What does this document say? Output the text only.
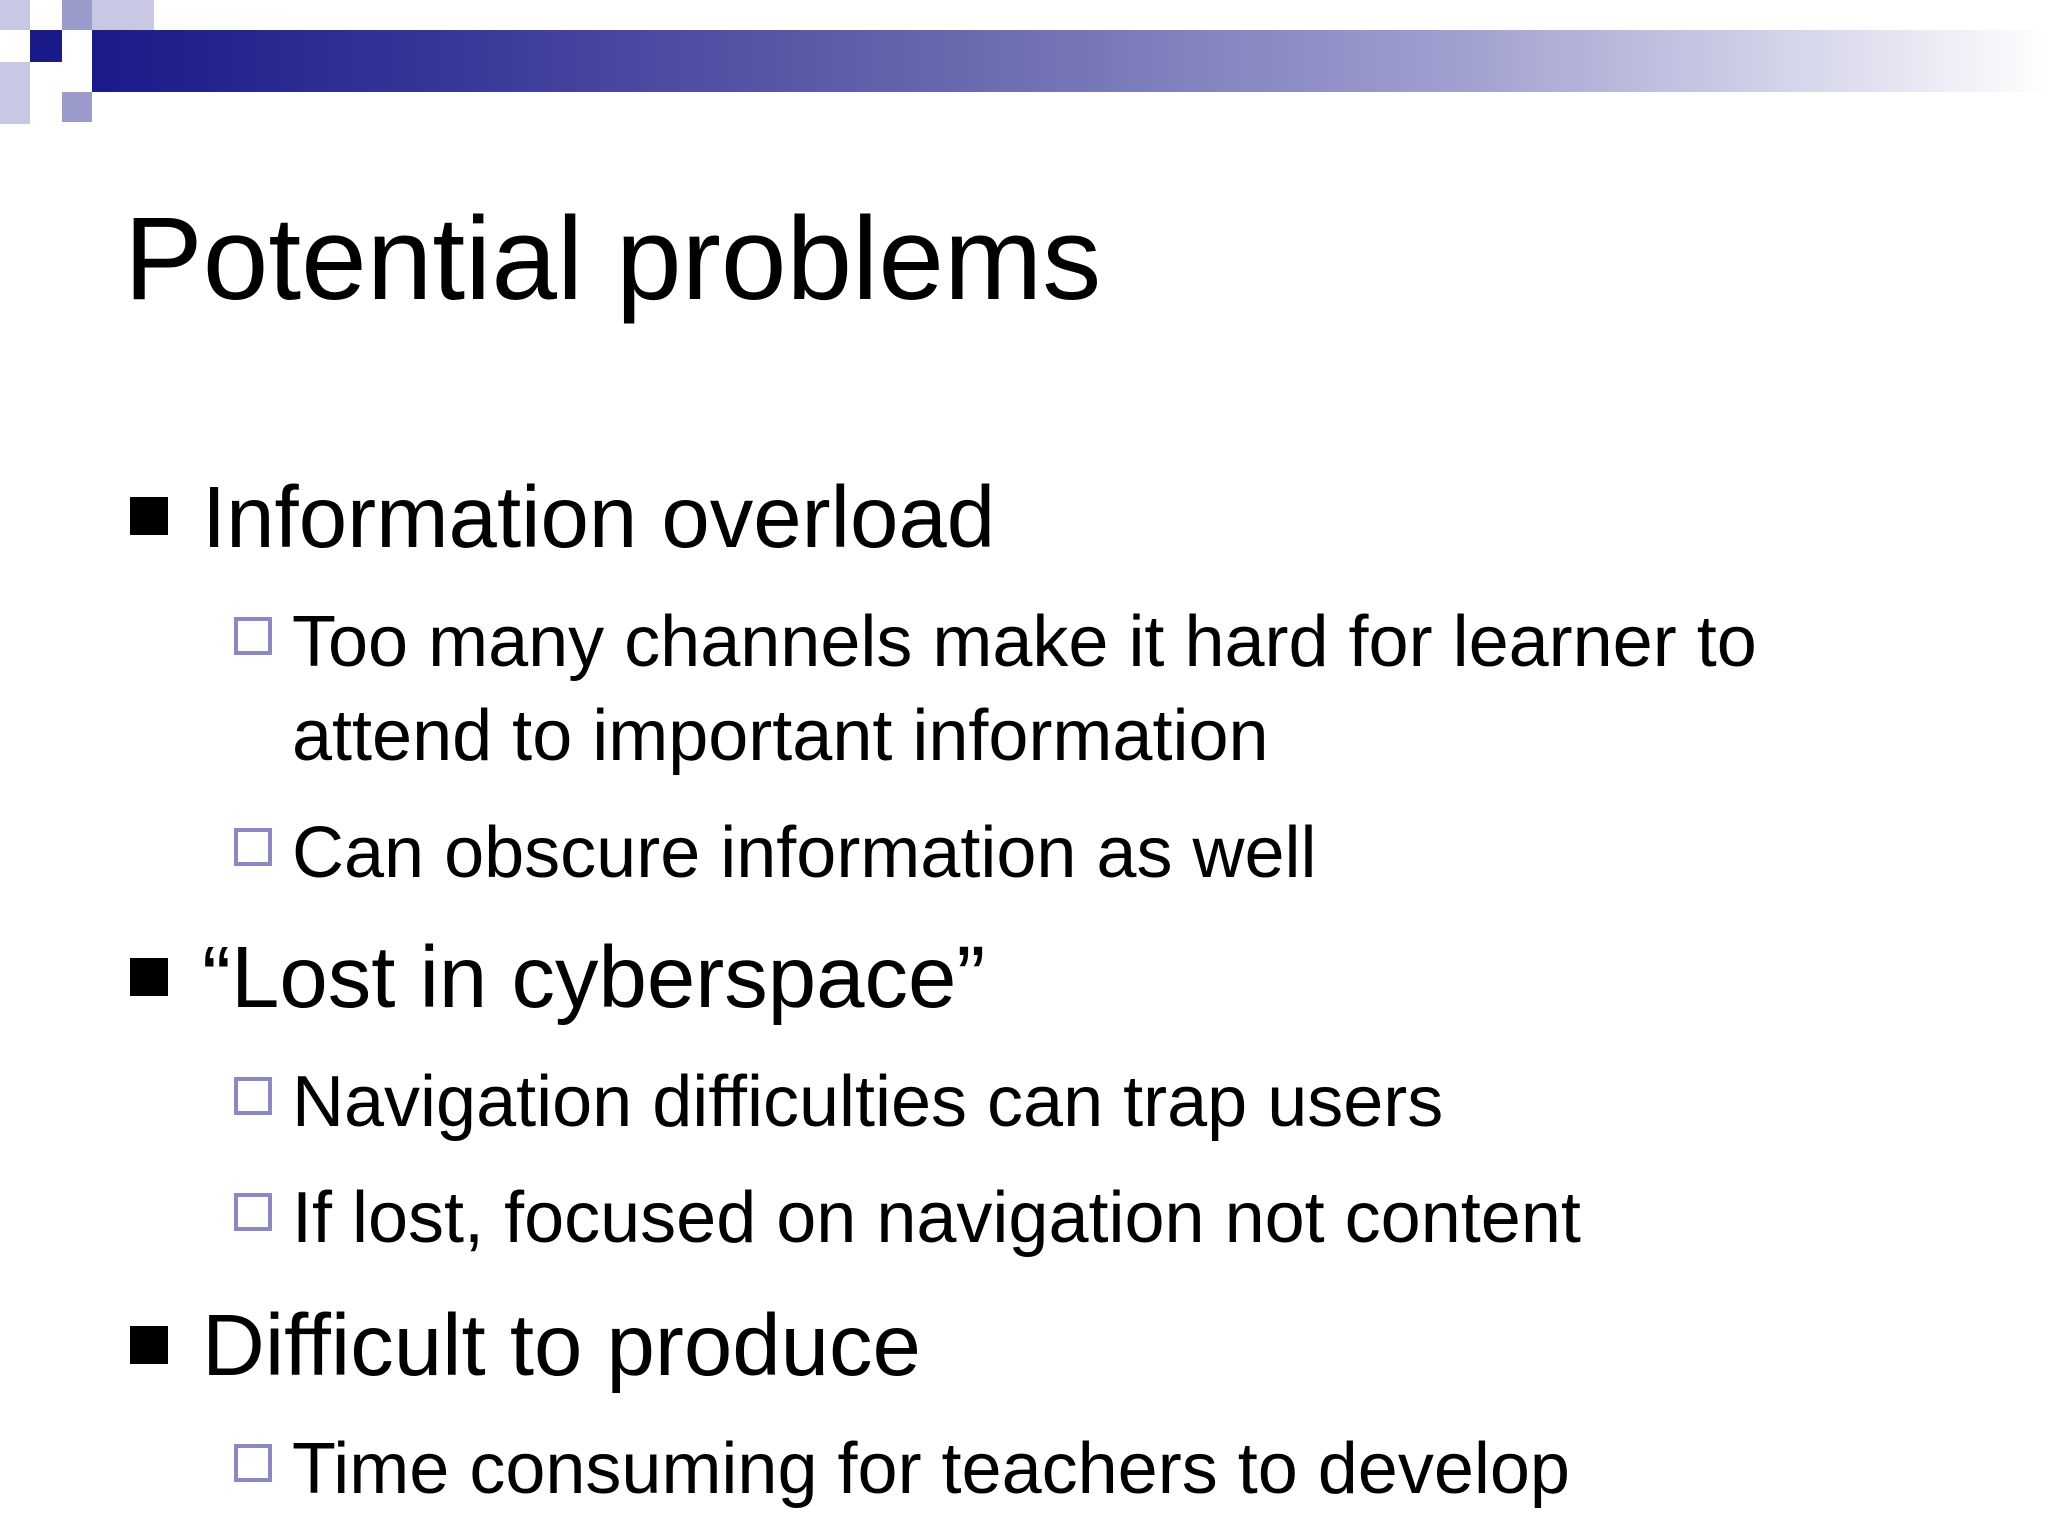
Potential problems
Information overload
Too many channels make it hard for learner to attend to important information
Can obscure information as well
“Lost in cyberspace”
Navigation difficulties can trap users
If lost, focused on navigation not content
Difficult to produce
Time consuming for teachers to develop
